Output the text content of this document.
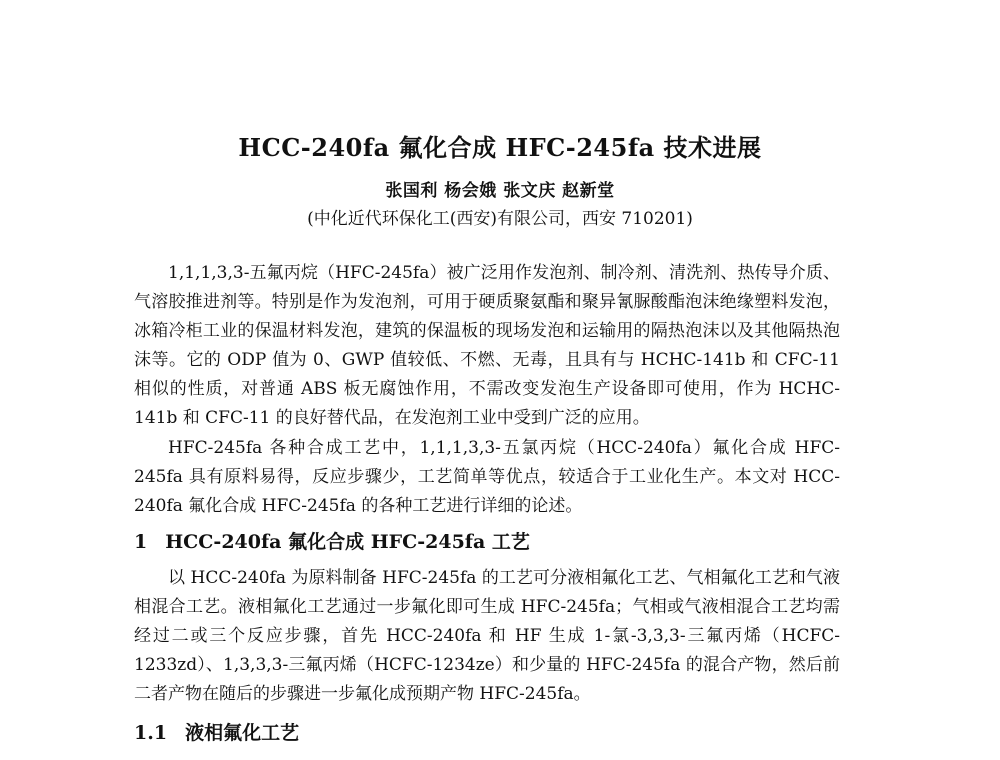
HCC-240fa 氟化合成 HFC-245fa 技术进展
张国利 杨会娥 张文庆 赵新堂
(中化近代环保化工(西安)有限公司，西安 710201)

1,1,1,3,3-五氟丙烷（HFC-245fa）被广泛用作发泡剂、制冷剂、清洗剂、热传导介质、气溶胶推进剂等。特别是作为发泡剂，可用于硬质聚氨酯和聚异氰脲酸酯泡沫绝缘塑料发泡，冰箱冷柜工业的保温材料发泡，建筑的保温板的现场发泡和运输用的隔热泡沫以及其他隔热泡沫等。它的 ODP 值为 0、GWP 值较低、不燃、无毒，且具有与 HCHC-141b 和 CFC-11 相似的性质，对普通 ABS 板无腐蚀作用，不需改变发泡生产设备即可使用，作为 HCHC-141b 和 CFC-11 的良好替代品，在发泡剂工业中受到广泛的应用。

HFC-245fa 各种合成工艺中，1,1,1,3,3-五氯丙烷（HCC-240fa）氟化合成 HFC-245fa 具有原料易得，反应步骤少，工艺简单等优点，较适合于工业化生产。本文对 HCC-240fa 氟化合成 HFC-245fa 的各种工艺进行详细的论述。

1 HCC-240fa 氟化合成 HFC-245fa 工艺

以 HCC-240fa 为原料制备 HFC-245fa 的工艺可分液相氟化工艺、气相氟化工艺和气液相混合工艺。液相氟化工艺通过一步氟化即可生成 HFC-245fa；气相或气液相混合工艺均需经过二或三个反应步骤，首先 HCC-240fa 和 HF 生成 1-氯-3,3,3-三氟丙烯（HCFC-1233zd）、1,3,3,3-三氟丙烯（HCFC-1234ze）和少量的 HFC-245fa 的混合产物，然后前二者产物在随后的步骤进一步氟化成预期产物 HFC-245fa。

1.1 液相氟化工艺
